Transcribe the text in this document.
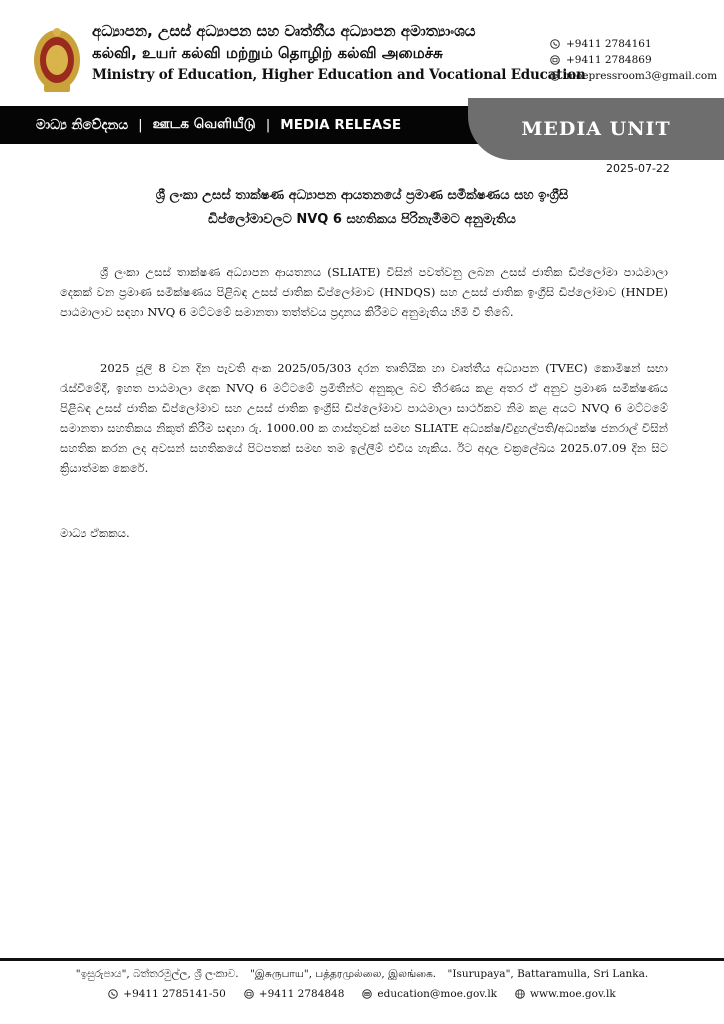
අධ්‍යාපන, උසස් අධ්‍යාපන සහ වෘත්තීය අධ්‍යාපන අමාත්‍යාංශය
கல்வி, உயர் கல்வி மற்றும் தொழிற் கல்வி அமைச்சு
Ministry of Education, Higher Education and Vocational Education
+9411 2784161
+9411 2784869
moepressroom3@gmail.com
මාධ්‍ය නිවේදනය | ஊடக வெளியீடு | MEDIA RELEASE	MEDIA UNIT
2025-07-22
ශ්‍රී ලංකා උසස් තාක්ෂණ අධ්‍යාපන ආයතනයේ ප්‍රමාණ සමීක්ෂණය සහ ඉංග්‍රීසි
ඩිප්ලෝමාවලට NVQ 6 සහතිකය පිරිනැමීමට අනුමැතිය
ශ්‍රී ලංකා උසස් තාක්ෂණ අධ්‍යාපන ආයතනය (SLIATE) විසින් පවත්වනු ලබන උසස් ජාතික ඩිප්ලෝමා පාඨමාලා දෙකක් වන ප්‍රමාණ සමීක්ෂණය පිළිබඳ උසස් ජාතික ඩිප්ලෝමාව (HNDQS) සහ උසස් ජාතික ඉංග්‍රීසි ඩිප්ලෝමාව (HNDE) පාඨමාලාව සඳහා NVQ 6 මට්ටමේ සමානතා තත්ත්වය ප්‍රදානය කිරීමට අනුමැතිය හිමි වී තිබේ.
2025 ජූලි 8 වන දින පැවති අංක 2025/05/303 දරන තෘතියික හා වෘත්තීය අධ්‍යාපන (TVEC) කොමිෂන් සභා රැස්වීමේදී, ඉහත පාඨමාලා දෙක NVQ 6 මට්ටමේ ප්‍රමිතීන්ට අනුකූල බව තීරණය කළ අතර ඒ අනුව ප්‍රමාණ සමීක්ෂණය පිළිබඳ උසස් ජාතික ඩිප්ලෝමාව සහ උසස් ජාතික ඉංග්‍රීසි ඩිප්ලෝමාව පාඨමාලා සාර්ථකව නිම කළ අයට NVQ 6 මට්ටමේ සමානතා සහතිකය නිකුත් කිරීම සඳහා රු. 1000.00 ක ගාස්තුවක් සමඟ SLIATE අධ්‍යක්ෂ/විදුහල්පති/අධ්‍යක්ෂ ජනරාල් විසින් සහතික කරන ලද අවසන් සහතිකයේ පිටපතක් සමඟ තම ඉල්ලීම් එවිය හැකිය. ඊට අදාල චක්‍රලේඛය 2025.07.09 දින සිට ක්‍රියාත්මක කෙරේ.
මාධ්‍ය ඒකකය.
"ඉසුරුපාය", බත්තරමුල්ල, ශ්‍රී ලංකාව. "இசுருபாய", பத்தரமுல்லை, இலங்கை. "Isurupaya", Battaramulla, Sri Lanka.
+9411 2785141-50	+9411 2784848	education@moe.gov.lk	www.moe.gov.lk
